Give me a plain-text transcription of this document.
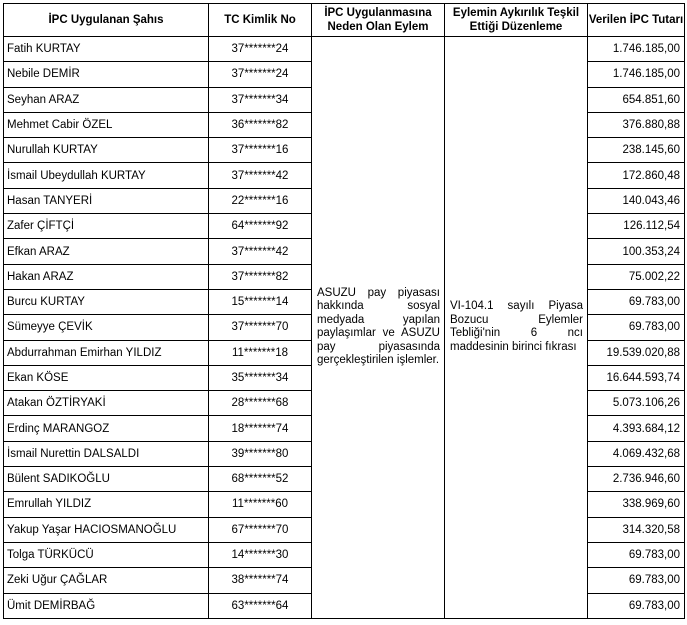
İPC Uygulanan Şahıs	TC Kimlik No	İPC Uygulanmasına Neden Olan Eylem	Eylemin Aykırılık Teşkil Ettiği Düzenleme	Verilen İPC Tutarı
Fatih KURTAY	37*******24	ASUZU pay piyasası hakkında sosyal medyada yapılan paylaşımlar ve ASUZU pay piyasasında gerçekleştirilen işlemler.	VI-104.1 sayılı Piyasa Bozucu Eylemler Tebliği'nin 6 ncı maddesinin birinci fıkrası	1.746.185,00
Nebile DEMİR	37*******24			1.746.185,00
Seyhan ARAZ	37*******34			654.851,60
Mehmet Cabir ÖZEL	36*******82			376.880,88
Nurullah KURTAY	37*******16			238.145,60
İsmail Ubeydullah KURTAY	37*******42			172.860,48
Hasan TANYERİ	22*******16			140.043,46
Zafer ÇİFTÇİ	64*******92			126.112,54
Efkan ARAZ	37*******42			100.353,24
Hakan ARAZ	37*******82			75.002,22
Burcu KURTAY	15*******14			69.783,00
Sümeyye ÇEVİK	37*******70			69.783,00
Abdurrahman Emirhan YILDIZ	11*******18			19.539.020,88
Ekan KÖSE	35*******34			16.644.593,74
Atakan ÖZTİRYAKİ	28*******68			5.073.106,26
Erdinç MARANGOZ	18*******74			4.393.684,12
İsmail Nurettin DALSALDI	39*******80			4.069.432,68
Bülent SADIKOĞLU	68*******52			2.736.946,60
Emrullah YILDIZ	11*******60			338.969,60
Yakup Yaşar HACIOSMANOĞLU	67*******70			314.320,58
Tolga TÜRKÜCÜ	14*******30			69.783,00
Zeki Uğur ÇAĞLAR	38*******74			69.783,00
Ümit DEMİRBAĞ	63*******64			69.783,00
